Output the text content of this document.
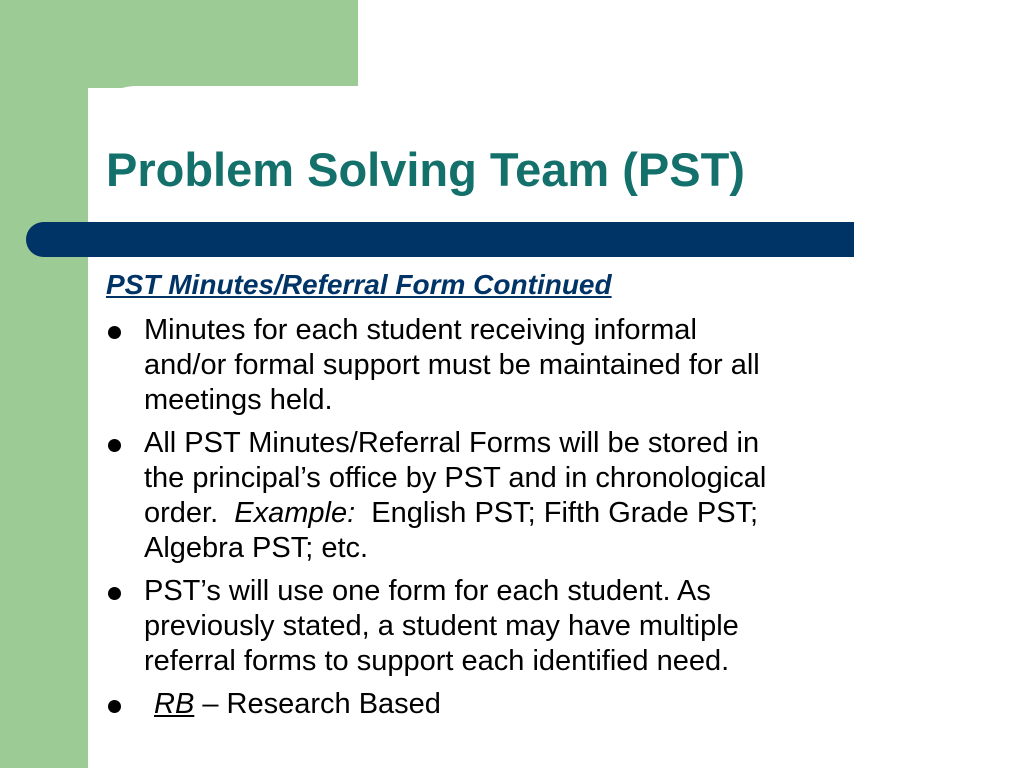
Problem Solving Team (PST)
PST Minutes/Referral Form Continued
Minutes for each student receiving informal
and/or formal support must be maintained for all
meetings held.
All PST Minutes/Referral Forms will be stored in
the principal’s office by PST and in chronological
order.  Example:  English PST; Fifth Grade PST;
Algebra PST; etc.
PST’s will use one form for each student. As
previously stated, a student may have multiple
referral forms to support each identified need.
RB – Research Based
